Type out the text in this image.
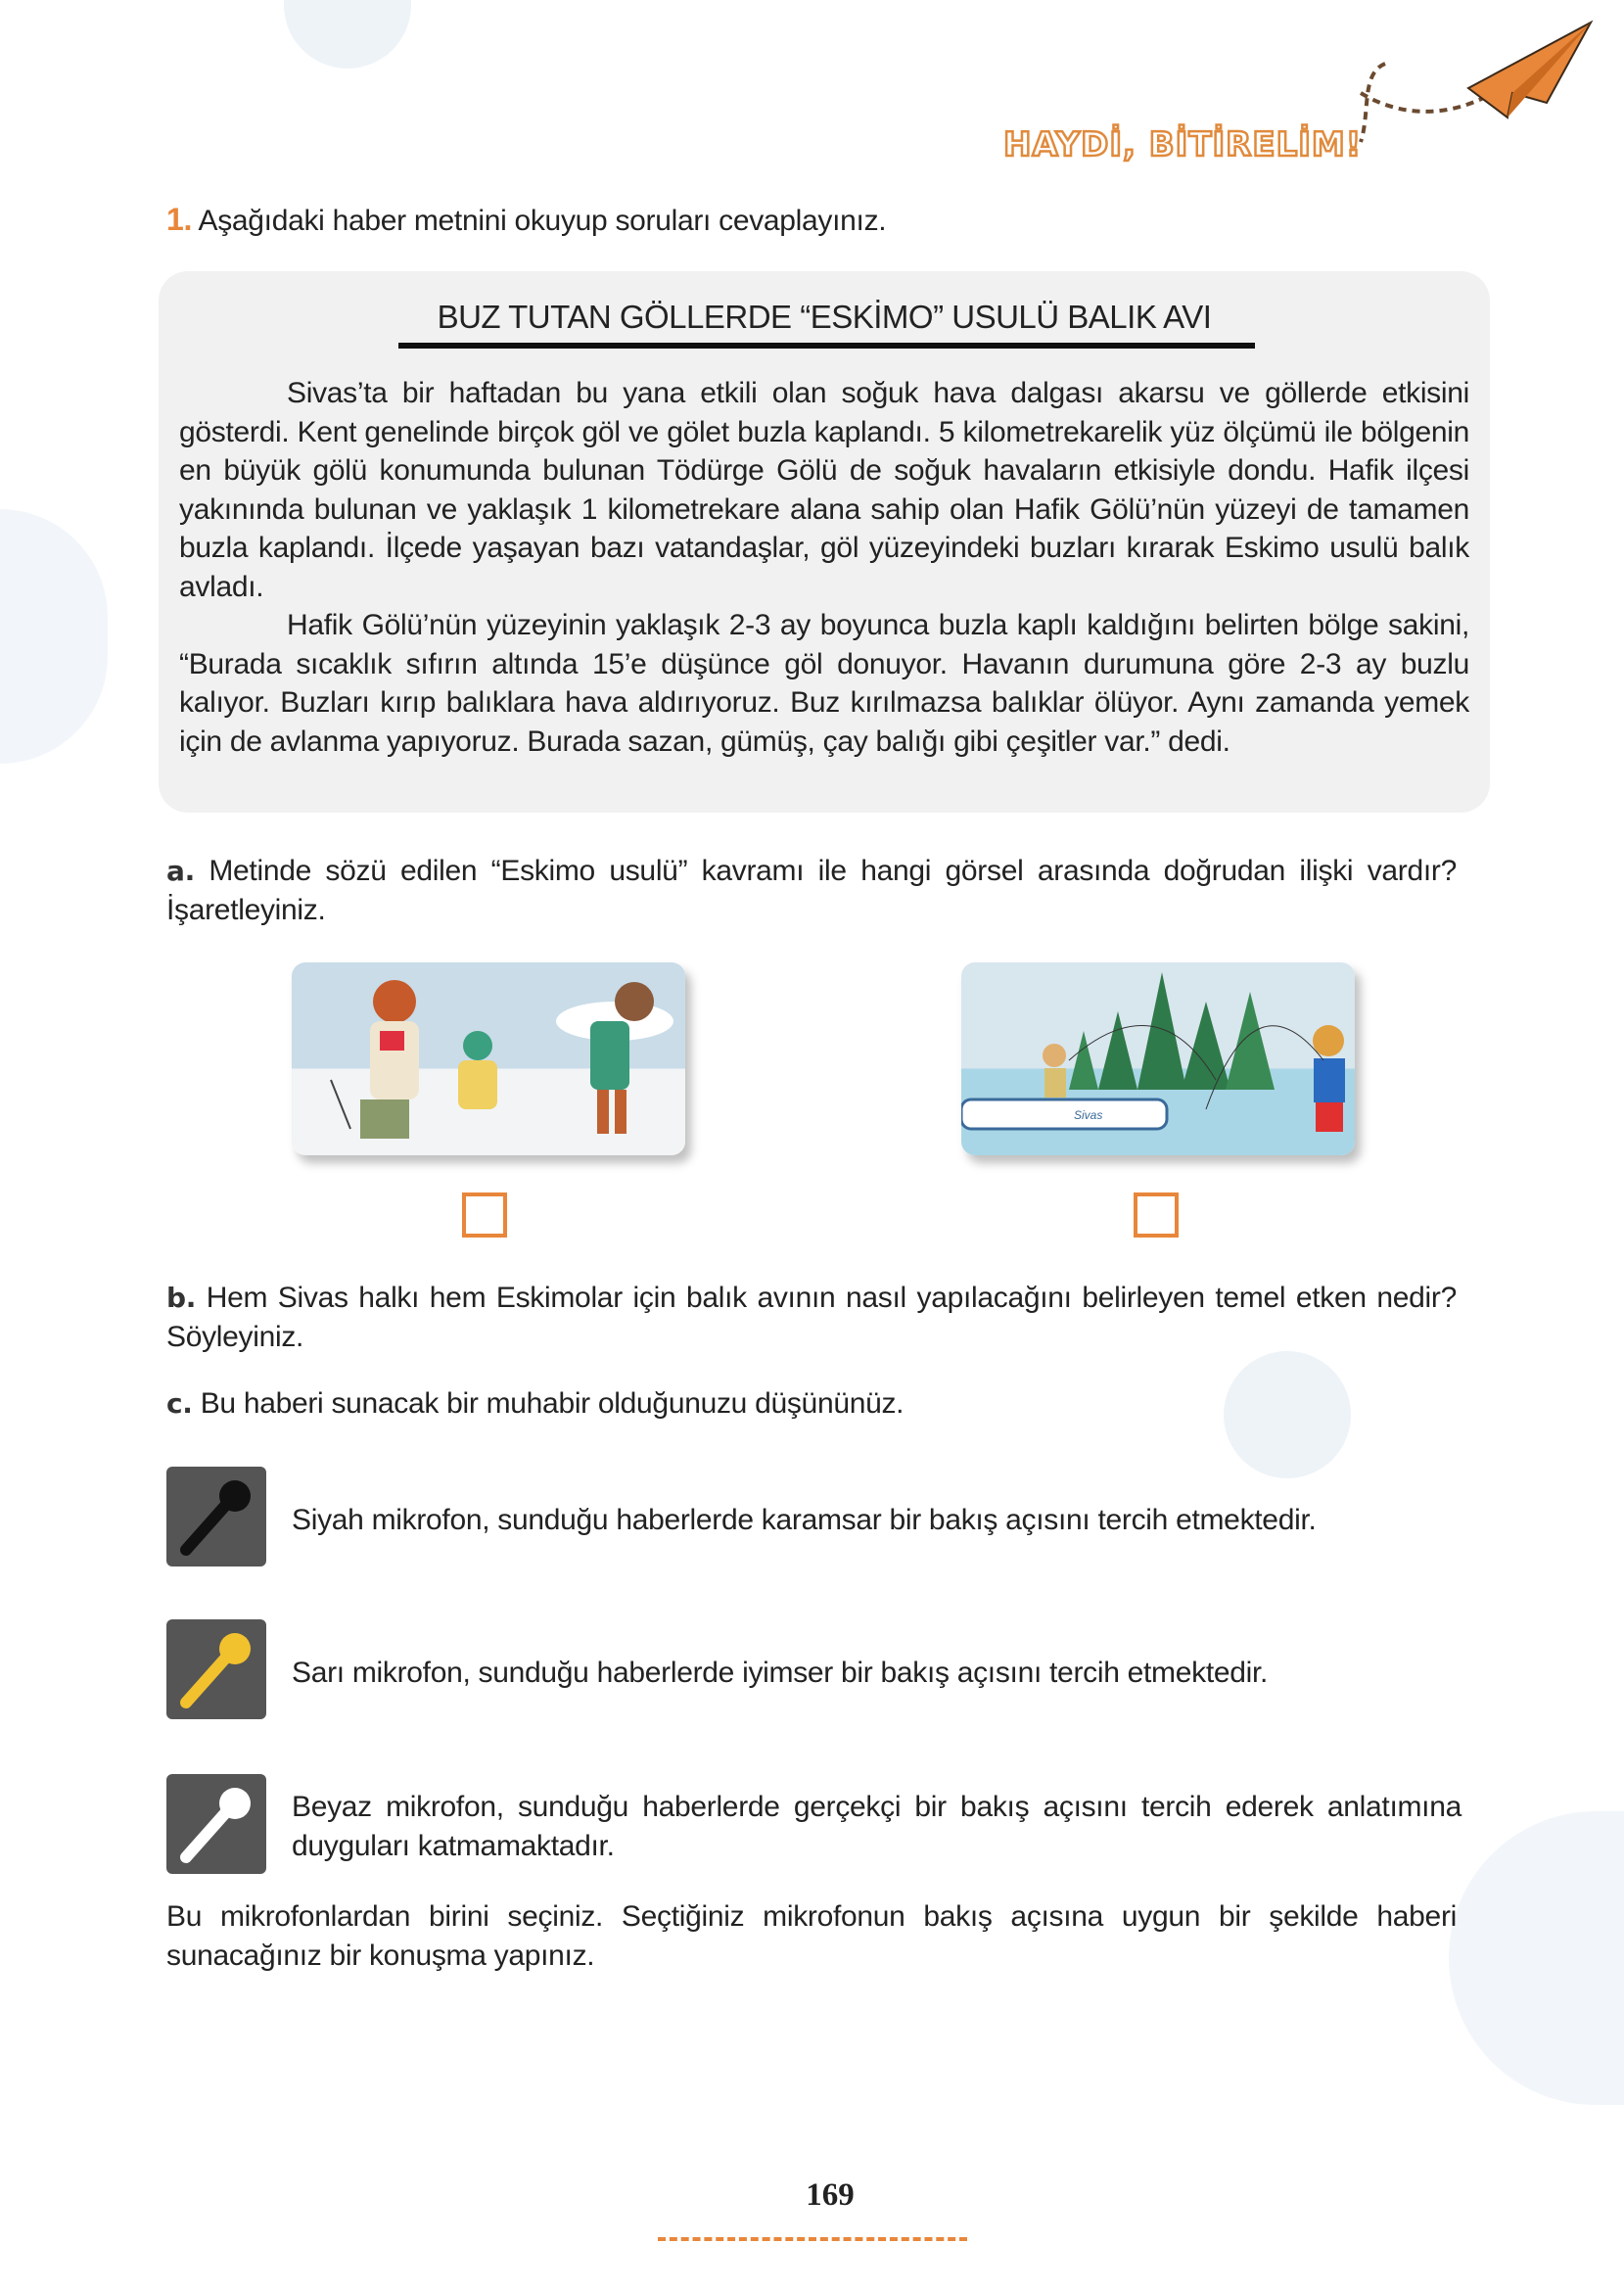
HAYDİ, BİTİRELİM!
1. Aşağıdaki haber metnini okuyup soruları cevaplayınız.
BUZ TUTAN GÖLLERDE “ESKİMO” USULÜ BALIK AVI

Sivas’ta bir haftadan bu yana etkili olan soğuk hava dalgası akarsu ve göllerde etkisini gösterdi. Kent genelinde birçok göl ve gölet buzla kaplandı. 5 kilometrekarelik yüz ölçümü ile bölgenin en büyük gölü konumunda bulunan Tödürge Gölü de soğuk havaların etkisiyle dondu. Hafik ilçesi yakınında bulunan ve yaklaşık 1 kilometrekare alana sahip olan Hafik Gölü’nün yüzeyi de tamamen buzla kaplandı. İlçede yaşayan bazı vatandaşlar, göl yüzeyindeki buzları kırarak Eskimo usulü balık avladı.

Hafik Gölü’nün yüzeyinin yaklaşık 2-3 ay boyunca buzla kaplı kaldığını belirten bölge sakini, “Burada sıcaklık sıfırın altında 15’e düşünce göl donuyor. Havanın durumuna göre 2-3 ay buzlu kalıyor. Buzları kırıp balıklara hava aldırıyoruz. Buz kırılmazsa balıklar ölüyor. Aynı zamanda yemek için de avlanma yapıyoruz. Burada sazan, gümüş, çay balığı gibi çeşitler var.” dedi.

a. Metinde sözü edilen “Eskimo usulü” kavramı ile hangi görsel arasında doğrudan ilişki vardır? İşaretleyiniz.
Sivas
b. Hem Sivas halkı hem Eskimolar için balık avının nasıl yapılacağını belirleyen temel etken nedir? Söyleyiniz.
c. Bu haberi sunacak bir muhabir olduğunuzu düşününüz.
Siyah mikrofon, sunduğu haberlerde karamsar bir bakış açısını tercih etmektedir.
Sarı mikrofon, sunduğu haberlerde iyimser bir bakış açısını tercih etmektedir.
Beyaz mikrofon, sunduğu haberlerde gerçekçi bir bakış açısını tercih ederek anlatımına duyguları katmamaktadır.
Bu mikrofonlardan birini seçiniz. Seçtiğiniz mikrofonun bakış açısına uygun bir şekilde haberi sunacağınız bir konuşma yapınız.
169
